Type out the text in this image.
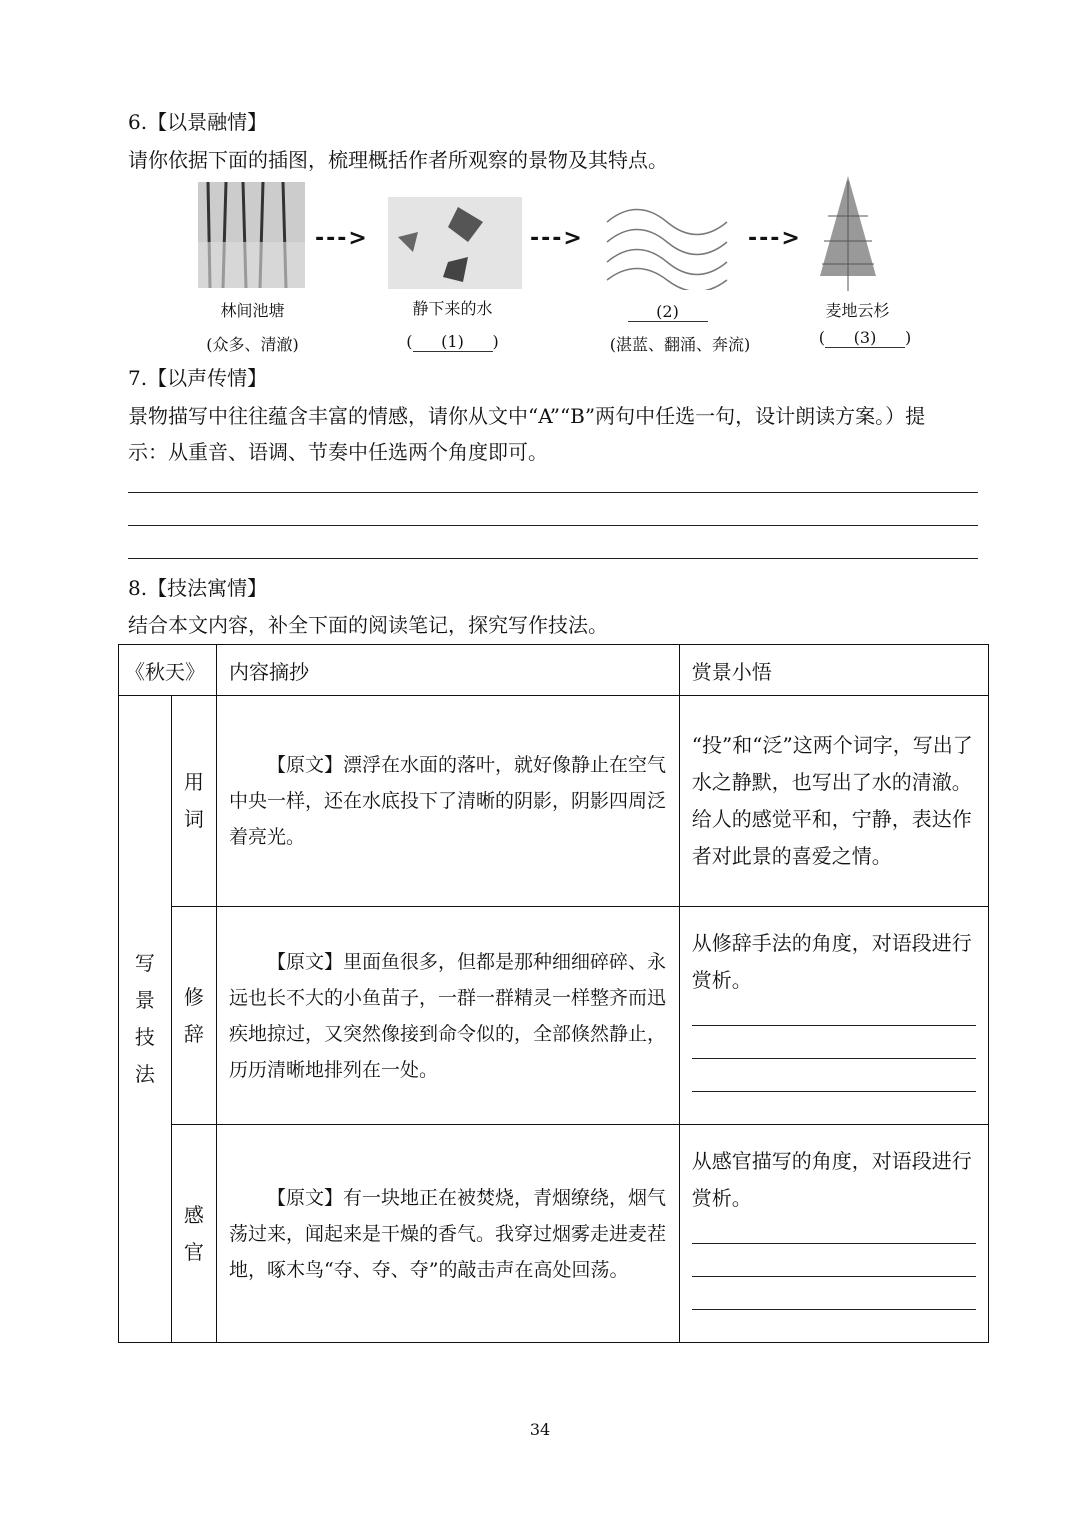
6.【以景融情】
请你依据下面的插图，梳理概括作者所观察的景物及其特点。
--->	--->	--->
林间池塘
(众多、清澈)
静下来的水
( (1) )
(2)
(湛蓝、翻涌、奔流)
麦地云杉
( (3) )
7.【以声传情】
景物描写中往往蕴含丰富的情感，请你从文中“A”“B”两句中任选一句，设计朗读方案。）提
示：从重音、语调、节奏中任选两个角度即可。
8.【技法寓情】
结合本文内容，补全下面的阅读笔记，探究写作技法。
《秋天》		内容摘抄	赏景小悟

写景技法	用词	【原文】漂浮在水面的落叶，就好像静止在空气中央一样，还在水底投下了清晰的阴影，阴影四周泛着亮光。	“投”和“泛”这两个词字，写出了水之静默，也写出了水的清澈。给人的感觉平和，宁静，表达作者对此景的喜爱之情。

	修辞	【原文】里面鱼很多，但都是那种细细碎碎、永远也长不大的小鱼苗子，一群一群精灵一样整齐而迅疾地掠过，又突然像接到命令似的，全部倏然静止，历历清晰地排列在一处。	从修辞手法的角度，对语段进行赏析。

	感官	【原文】有一块地正在被焚烧，青烟缭绕，烟气荡过来，闻起来是干燥的香气。我穿过烟雾走进麦茬地，啄木鸟“夺、夺、夺”的敲击声在高处回荡。	从感官描写的角度，对语段进行赏析。
34
